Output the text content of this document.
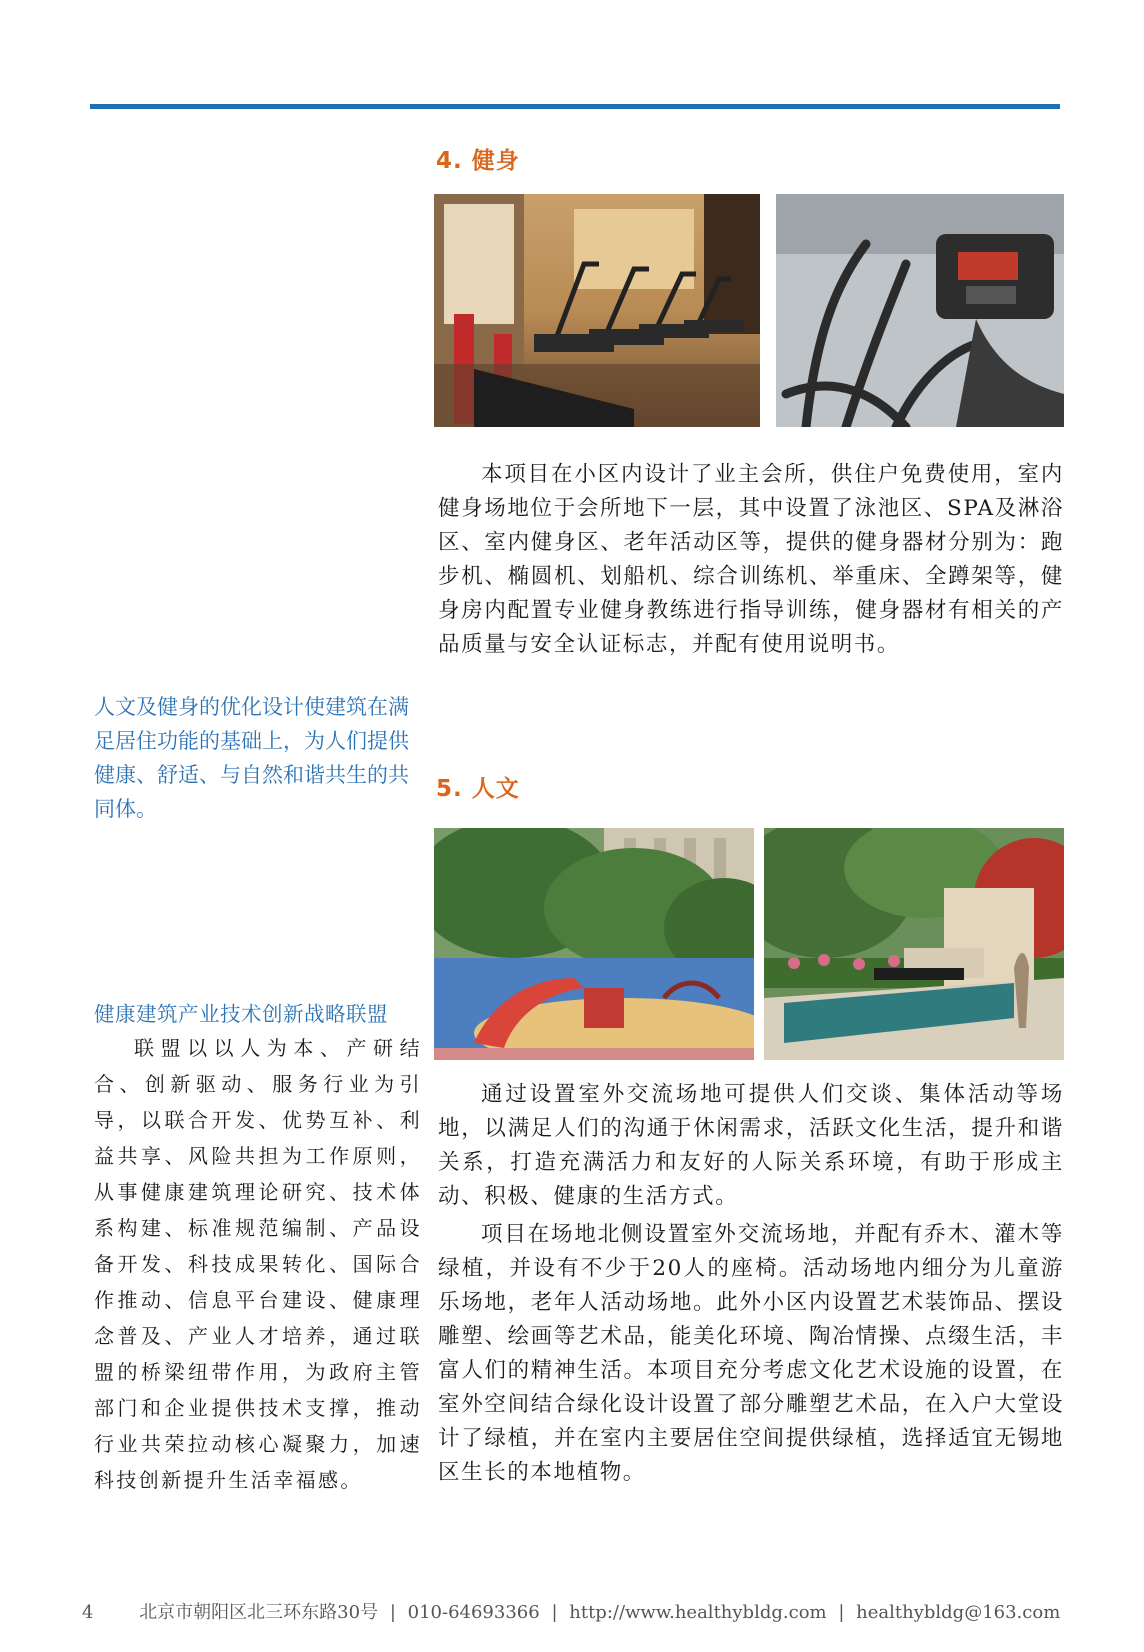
4. 健身

本项目在小区内设计了业主会所，供住户免费使用，室内健身场地位于会所地下一层，其中设置了泳池区、SPA及淋浴区、室内健身区、老年活动区等，提供的健身器材分别为：跑步机、椭圆机、划船机、综合训练机、举重床、全蹲架等，健身房内配置专业健身教练进行指导训练，健身器材有相关的产品质量与安全认证标志，并配有使用说明书。

人文及健身的优化设计使建筑在满足居住功能的基础上，为人们提供健康、舒适、与自然和谐共生的共同体。

5. 人文

通过设置室外交流场地可提供人们交谈、集体活动等场地，以满足人们的沟通于休闲需求，活跃文化生活，提升和谐关系，打造充满活力和友好的人际关系环境，有助于形成主动、积极、健康的生活方式。

项目在场地北侧设置室外交流场地，并配有乔木、灌木等绿植，并设有不少于20人的座椅。活动场地内细分为儿童游乐场地，老年人活动场地。此外小区内设置艺术装饰品、摆设雕塑、绘画等艺术品，能美化环境、陶冶情操、点缀生活，丰富人们的精神生活。本项目充分考虑文化艺术设施的设置，在室外空间结合绿化设计设置了部分雕塑艺术品，在入户大堂设计了绿植，并在室内主要居住空间提供绿植，选择适宜无锡地区生长的本地植物。

健康建筑产业技术创新战略联盟

联盟以以人为本、产研结合、创新驱动、服务行业为引导，以联合开发、优势互补、利益共享、风险共担为工作原则，从事健康建筑理论研究、技术体系构建、标准规范编制、产品设备开发、科技成果转化、国际合作推动、信息平台建设、健康理念普及、产业人才培养，通过联盟的桥梁纽带作用，为政府主管部门和企业提供技术支撑，推动行业共荣拉动核心凝聚力，加速科技创新提升生活幸福感。

4	北京市朝阳区北三环东路30号 | 010-64693366 | http://www.healthybldg.com | healthybldg@163.com
